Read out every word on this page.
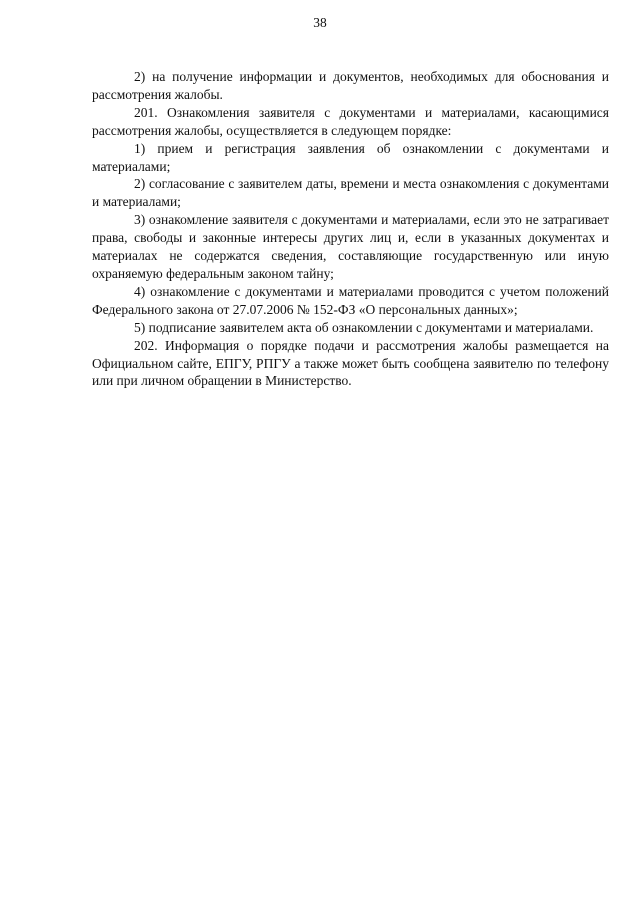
38

2) на получение информации и документов, необходимых для обоснования и рассмотрения жалобы.

201. Ознакомления заявителя с документами и материалами, касающимися рассмотрения жалобы, осуществляется в следующем порядке:

1) прием и регистрация заявления об ознакомлении с документами и материалами;

2) согласование с заявителем даты, времени и места ознакомления с документами и материалами;

3) ознакомление заявителя с документами и материалами, если это не затрагивает права, свободы и законные интересы других лиц и, если в указанных документах и материалах не содержатся сведения, составляющие государственную или иную охраняемую федеральным законом тайну;

4) ознакомление с документами и материалами проводится с учетом положений Федерального закона от 27.07.2006 № 152-ФЗ «О персональных данных»;

5) подписание заявителем акта об ознакомлении с документами и материалами.

202. Информация о порядке подачи и рассмотрения жалобы размещается на Официальном сайте, ЕПГУ, РПГУ а также может быть сообщена заявителю по телефону или при личном обращении в Министерство.
